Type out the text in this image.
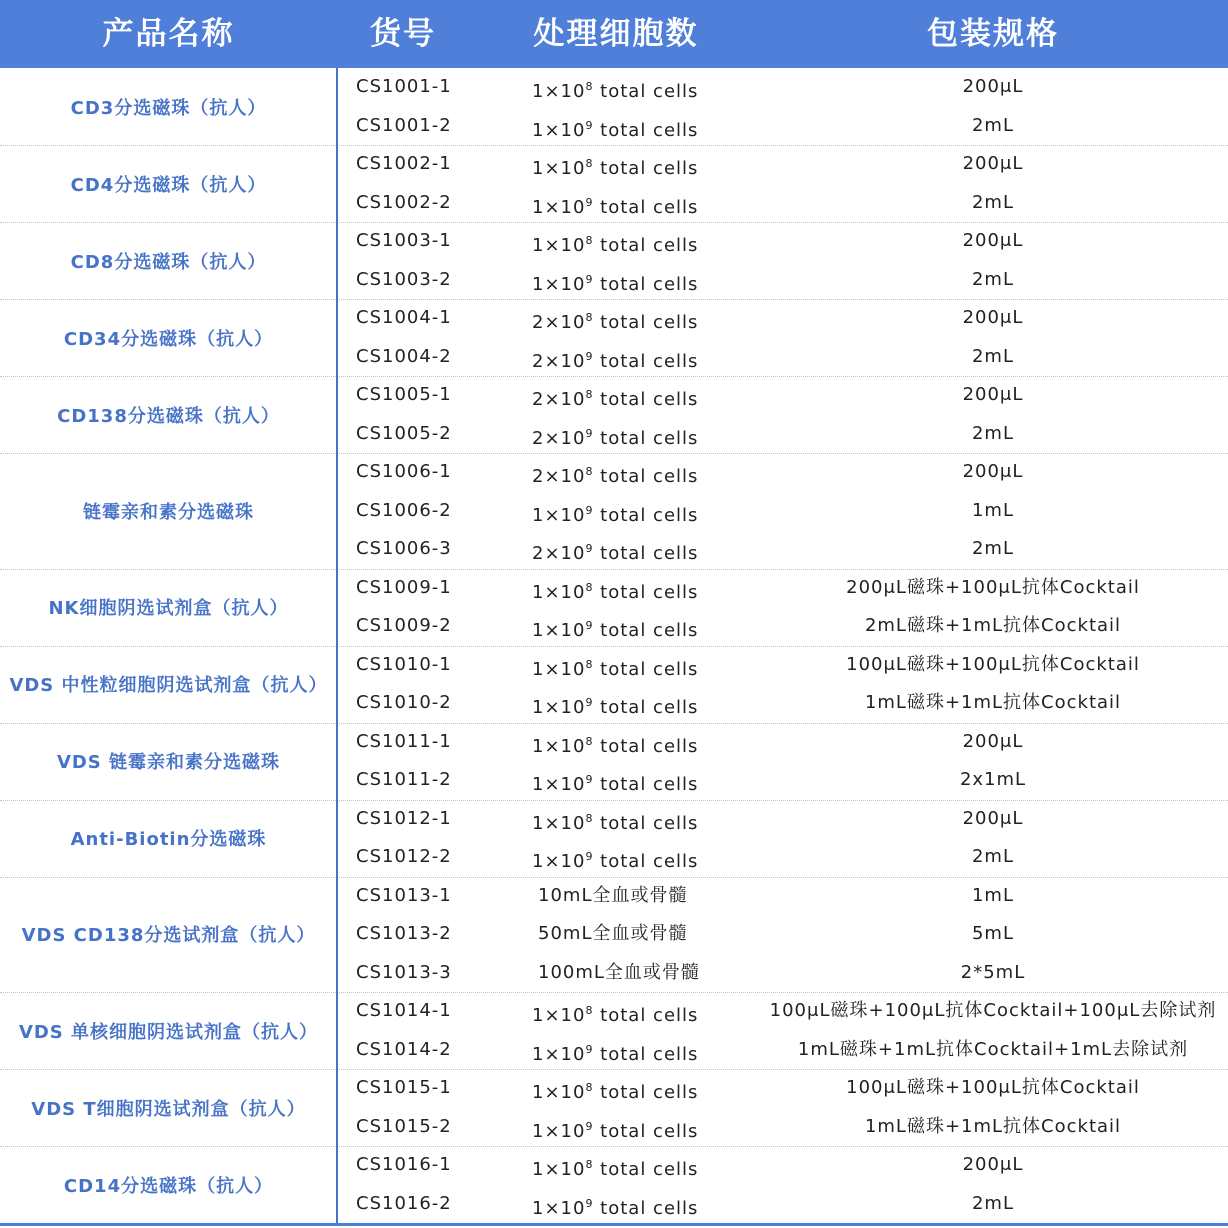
产品名称	货号	处理细胞数	包装规格
CD3分选磁珠（抗人）
CS1001-1	$1\times 10^8$ total cells	200μL
CS1001-2	$1\times 10^9$ total cells	2mL
CD4分选磁珠（抗人）
CS1002-1	$1\times 10^8$ total cells	200μL
CS1002-2	$1\times 10^9$ total cells	2mL
CD8分选磁珠（抗人）
CS1003-1	$1\times 10^8$ total cells	200μL
CS1003-2	$1\times 10^9$ total cells	2mL
CD34分选磁珠（抗人）
CS1004-1	$2\times 10^8$ total cells	200μL
CS1004-2	$2\times 10^9$ total cells	2mL
CD138分选磁珠（抗人）
CS1005-1	$2\times 10^8$ total cells	200μL
CS1005-2	$2\times 10^9$ total cells	2mL
链霉亲和素分选磁珠
CS1006-1	$2\times 10^8$ total cells	200μL
CS1006-2	$1\times 10^9$ total cells	1mL
CS1006-3	$2\times 10^9$ total cells	2mL
NK细胞阴选试剂盒（抗人）
CS1009-1	$1\times 10^8$ total cells	200μL磁珠+100μL抗体Cocktail
CS1009-2	$1\times 10^9$ total cells	2mL磁珠+1mL抗体Cocktail
VDS 中性粒细胞阴选试剂盒（抗人）
CS1010-1	$1\times 10^8$ total cells	100μL磁珠+100μL抗体Cocktail
CS1010-2	$1\times 10^9$ total cells	1mL磁珠+1mL抗体Cocktail
VDS 链霉亲和素分选磁珠
CS1011-1	$1\times 10^8$ total cells	200μL
CS1011-2	$1\times 10^9$ total cells	2x1mL
Anti-Biotin分选磁珠
CS1012-1	$1\times 10^8$ total cells	200μL
CS1012-2	$1\times 10^9$ total cells	2mL
VDS CD138分选试剂盒（抗人）
CS1013-1	10mL全血或骨髓	1mL
CS1013-2	50mL全血或骨髓	5mL
CS1013-3	100mL全血或骨髓	2*5mL
VDS 单核细胞阴选试剂盒（抗人）
CS1014-1	$1\times 10^8$ total cells	100μL磁珠+100μL抗体Cocktail+100μL去除试剂
CS1014-2	$1\times 10^9$ total cells	1mL磁珠+1mL抗体Cocktail+1mL去除试剂
VDS T细胞阴选试剂盒（抗人）
CS1015-1	$1\times 10^8$ total cells	100μL磁珠+100μL抗体Cocktail
CS1015-2	$1\times 10^9$ total cells	1mL磁珠+1mL抗体Cocktail
CD14分选磁珠（抗人）
CS1016-1	$1\times 10^8$ total cells	200μL
CS1016-2	$1\times 10^9$ total cells	2mL
